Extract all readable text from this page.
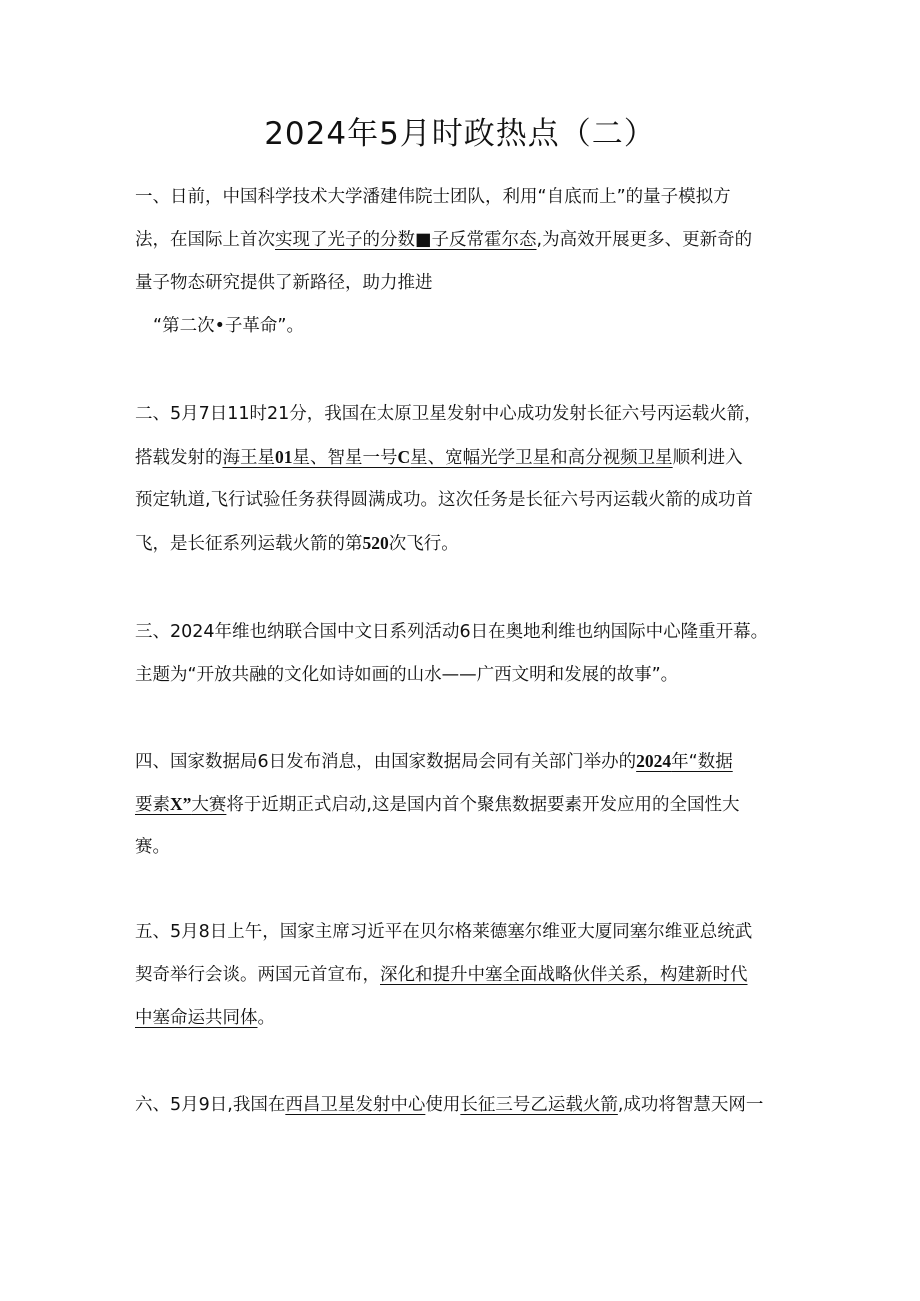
2024年5月时政热点（二）
一、日前，中国科学技术大学潘建伟院士团队，利用“自底而上”的量子模拟方
法，在国际上首次实现了光子的分数■子反常霍尔态,为高效开展更多、更新奇的
量子物态研究提供了新路径，助力推进
“第二次•子革命”。
二、5月7日11时21分，我国在太原卫星发射中心成功发射长征六号丙运载火箭，
搭载发射的海王星01星、智星一号C星、宽幅光学卫星和高分视频卫星顺利进入
预定轨道,飞行试验任务获得圆满成功。这次任务是长征六号丙运载火箭的成功首
飞，是长征系列运载火箭的第520次飞行。
三、2024年维也纳联合国中文日系列活动6日在奥地利维也纳国际中心隆重开幕。
主题为“开放共融的文化如诗如画的山水——广西文明和发展的故事”。
四、国家数据局6日发布消息，由国家数据局会同有关部门举办的2024年“数据
要素X”大赛将于近期正式启动,这是国内首个聚焦数据要素开发应用的全国性大
赛。
五、5月8日上午，国家主席习近平在贝尔格莱德塞尔维亚大厦同塞尔维亚总统武
契奇举行会谈。两国元首宣布，深化和提升中塞全面战略伙伴关系，构建新时代
中塞命运共同体。
六、5月9日,我国在西昌卫星发射中心使用长征三号乙运载火箭,成功将智慧天网一
